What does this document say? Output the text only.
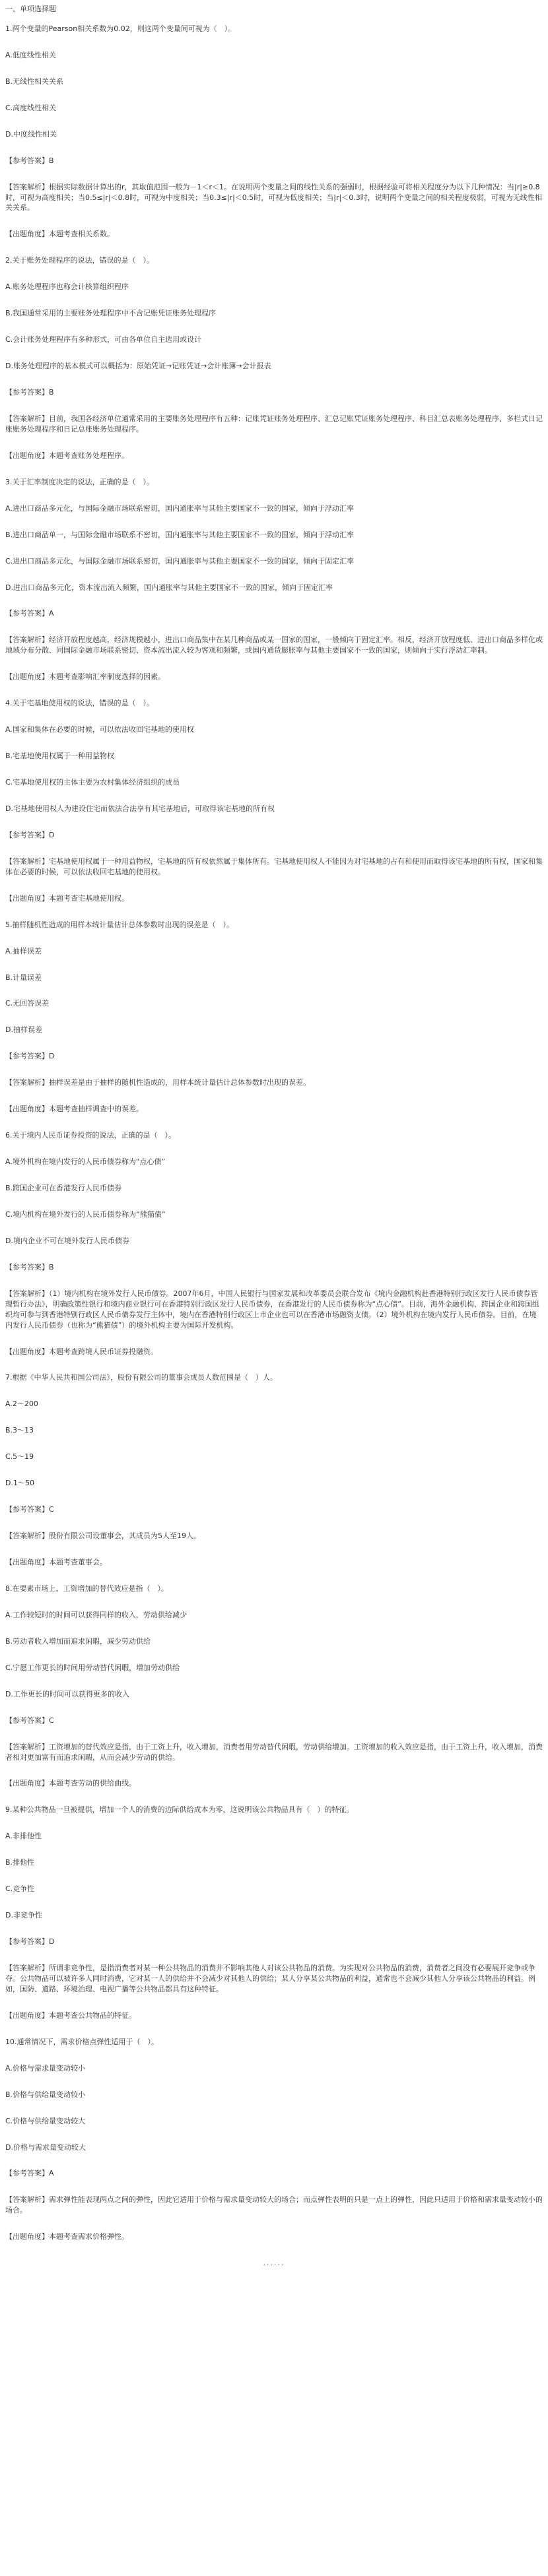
一、单项选择题
1.两个变量的Pearson相关系数为0.02，则这两个变量间可视为（　）。
A.低度线性相关
B.无线性相关关系
C.高度线性相关
D.中度线性相关
【参考答案】B
【答案解析】根据实际数据计算出的r，其取值范围一般为－1＜r＜1。在说明两个变量之间的线性关系的强弱时，根据经验可将相关程度分为以下几种情况：当|r|≥0.8时，可视为高度相关；当0.5≤|r|＜0.8时，可视为中度相关；当0.3≤|r|＜0.5时，可视为低度相关；当|r|＜0.3时，说明两个变量之间的相关程度极弱，可视为无线性相关关系。
【出题角度】本题考查相关系数。
2.关于账务处理程序的说法，错误的是（　）。
A.账务处理程序也称会计核算组织程序
B.我国通常采用的主要账务处理程序中不含记账凭证账务处理程序
C.会计账务处理程序有多种形式，可由各单位自主选用或设计
D.账务处理程序的基本模式可以概括为：原始凭证→记账凭证→会计账簿→会计报表
【参考答案】B
【答案解析】目前，我国各经济单位通常采用的主要账务处理程序有五种：记账凭证账务处理程序、汇总记账凭证账务处理程序、科目汇总表账务处理程序、多栏式日记账账务处理程序和日记总账账务处理程序。
【出题角度】本题考查账务处理程序。
3.关于汇率制度决定的说法，正确的是（　）。
A.进出口商品多元化，与国际金融市场联系密切，国内通胀率与其他主要国家不一致的国家，倾向于浮动汇率
B.进出口商品单一，与国际金融市场联系不密切，国内通胀率与其他主要国家不一致的国家，倾向于浮动汇率
C.进出口商品多元化，与国际金融市场联系密切，国内通胀率与其他主要国家不一致的国家，倾向于固定汇率
D.进出口商品多元化，资本流出流入频繁，国内通胀率与其他主要国家不一致的国家，倾向于固定汇率
【参考答案】A
【答案解析】经济开放程度越高，经济规模越小，进出口商品集中在某几种商品或某一国家的国家，一般倾向于固定汇率。相反，经济开放程度低、进出口商品多样化或地域分布分散、同国际金融市场联系密切、资本流出流入较为客观和频繁，或国内通货膨胀率与其他主要国家不一致的国家，则倾向于实行浮动汇率制。
【出题角度】本题考查影响汇率制度选择的因素。
4.关于宅基地使用权的说法，错误的是（　）。
A.国家和集体在必要的时候，可以依法收回宅基地的使用权
B.宅基地使用权属于一种用益物权
C.宅基地使用权的主体主要为农村集体经济组织的成员
D.宅基地使用权人为建设住宅而依法合法享有其宅基地后，可取得该宅基地的所有权
【参考答案】D
【答案解析】宅基地使用权属于一种用益物权，宅基地的所有权依然属于集体所有。宅基地使用权人不能因为对宅基地的占有和使用而取得该宅基地的所有权，国家和集体在必要的时候，可以依法收回宅基地的使用权。
【出题角度】本题考查宅基地使用权。
5.抽样随机性造成的用样本统计量估计总体参数时出现的误差是（　）。
A.抽样误差
B.计量误差
C.无回答误差
D.抽样误差
【参考答案】D
【答案解析】抽样误差是由于抽样的随机性造成的，用样本统计量估计总体参数时出现的误差。
【出题角度】本题考查抽样调查中的误差。
6.关于境内人民币证券投资的说法，正确的是（　）。
A.境外机构在境内发行的人民币债券称为“点心债”
B.跨国企业可在香港发行人民币债券
C.境内机构在境外发行的人民币债券称为“熊猫债”
D.境内企业不可在境外发行人民币债券
【参考答案】B
【答案解析】（1）境内机构在境外发行人民币债券。2007年6月，中国人民银行与国家发展和改革委员会联合发布《境内金融机构赴香港特别行政区发行人民币债券管理暂行办法》，明确政策性银行和境内商业银行可在香港特别行政区发行人民币债券，在香港发行的人民币债券称为“点心债”。目前，海外金融机构、跨国企业和跨国组织均可参与到香港特别行政区人民币债券发行主体中，境内在香港特别行政区上市企业也可以在香港市场融资支债。（2）境外机构在境内发行人民币债券。目前，在境内发行人民币债券（也称为“熊猫债”）的境外机构主要为国际开发机构。
【出题角度】本题考查跨境人民币证券投融资。
7.根据《中华人民共和国公司法》，股份有限公司的董事会成员人数范围是（　）人。
A.2～200
B.3～13
C.5～19
D.1～50
【参考答案】C
【答案解析】股份有限公司设董事会，其成员为5人至19人。
【出题角度】本题考查董事会。
8.在要素市场上，工资增加的替代效应是指（　）。
A.工作较短时的时间可以获得同样的收入，劳动供给减少
B.劳动者收入增加而追求闲暇，减少劳动供给
C.宁愿工作更长的时间用劳动替代闲暇，增加劳动供给
D.工作更长的时间可以获得更多的收入
【参考答案】C
【答案解析】工资增加的替代效应是指，由于工资上升，收入增加，消费者用劳动替代闲暇，劳动供给增加。工资增加的收入效应是指，由于工资上升，收入增加，消费者相对更加富有而追求闲暇，从而会减少劳动的供给。
【出题角度】本题考查劳动的供给曲线。
9.某种公共物品一旦被提供，增加一个人的消费的边际供给成本为零，这说明该公共物品具有（　）的特征。
A.非排他性
B.排他性
C.竞争性
D.非竞争性
【参考答案】D
【答案解析】所谓非竞争性，是指消费者对某一种公共物品的消费并不影响其他人对该公共物品的消费。为实现对公共物品的消费，消费者之间没有必要展开竞争或争夺。公共物品可以被许多人同时消费，它对某一人的供给并不会减少对其他人的供给；某人分享某公共物品的利益，通常也不会减少其他人分享该公共物品的利益。例如，国防、道路、环境治理、电视广播等公共物品都具有这种特征。
【出题角度】本题考查公共物品的特征。
10.通常情况下，需求价格点弹性适用于（　）。
A.价格与需求量变动较小
B.价格与供给量变动较小
C.价格与供给量变动较大
D.价格与需求量变动较大
【参考答案】A
【答案解析】需求弹性能表现两点之间的弹性，因此它适用于价格与需求量变动较大的场合；而点弹性表明的只是一点上的弹性，因此只适用于价格和需求量变动较小的场合。
【出题角度】本题考查需求价格弹性。
......
